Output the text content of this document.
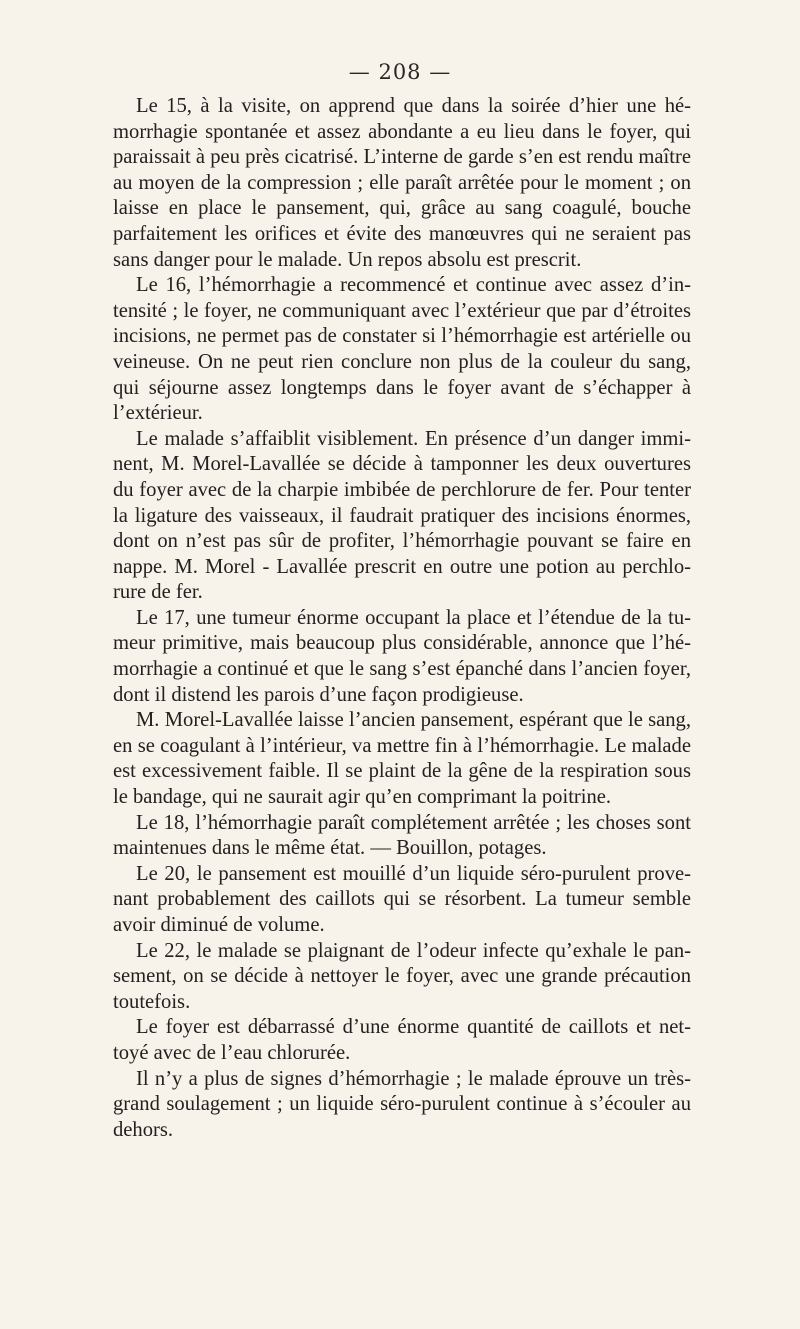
— 208 —

Le 15, à la visite, on apprend que dans la soirée d’hier une hémorrhagie spontanée et assez abondante a eu lieu dans le foyer, qui paraissait à peu près cicatrisé. L’interne de garde s’en est rendu maître au moyen de la compression ; elle paraît arrêtée pour le moment ; on laisse en place le pansement, qui, grâce au sang coagulé, bouche parfaitement les orifices et évite des manœuvres qui ne seraient pas sans danger pour le malade. Un repos absolu est prescrit.

Le 16, l’hémorrhagie a recommencé et continue avec assez d’intensité ; le foyer, ne communiquant avec l’extérieur que par d’étroites incisions, ne permet pas de constater si l’hémorrhagie est artérielle ou veineuse. On ne peut rien conclure non plus de la couleur du sang, qui séjourne assez longtemps dans le foyer avant de s’échapper à l’extérieur.

Le malade s’affaiblit visiblement. En présence d’un danger imminent, M. Morel-Lavallée se décide à tamponner les deux ouvertures du foyer avec de la charpie imbibée de perchlorure de fer. Pour tenter la ligature des vaisseaux, il faudrait pratiquer des incisions énormes, dont on n’est pas sûr de profiter, l’hémorrhagie pouvant se faire en nappe. M. Morel - Lavallée prescrit en outre une potion au perchlorure de fer.

Le 17, une tumeur énorme occupant la place et l’étendue de la tumeur primitive, mais beaucoup plus considérable, annonce que l’hémorrhagie a continué et que le sang s’est épanché dans l’ancien foyer, dont il distend les parois d’une façon prodigieuse.

M. Morel-Lavallée laisse l’ancien pansement, espérant que le sang, en se coagulant à l’intérieur, va mettre fin à l’hémorrhagie. Le malade est excessivement faible. Il se plaint de la gêne de la respiration sous le bandage, qui ne saurait agir qu’en comprimant la poitrine.

Le 18, l’hémorrhagie paraît complétement arrêtée ; les choses sont maintenues dans le même état. — Bouillon, potages.

Le 20, le pansement est mouillé d’un liquide séro-purulent provenant probablement des caillots qui se résorbent. La tumeur semble avoir diminué de volume.

Le 22, le malade se plaignant de l’odeur infecte qu’exhale le pansement, on se décide à nettoyer le foyer, avec une grande précaution toutefois.

Le foyer est débarrassé d’une énorme quantité de caillots et nettoyé avec de l’eau chlorurée.

Il n’y a plus de signes d’hémorrhagie ; le malade éprouve un trèsgrand soulagement ; un liquide séro-purulent continue à s’écouler au dehors.
